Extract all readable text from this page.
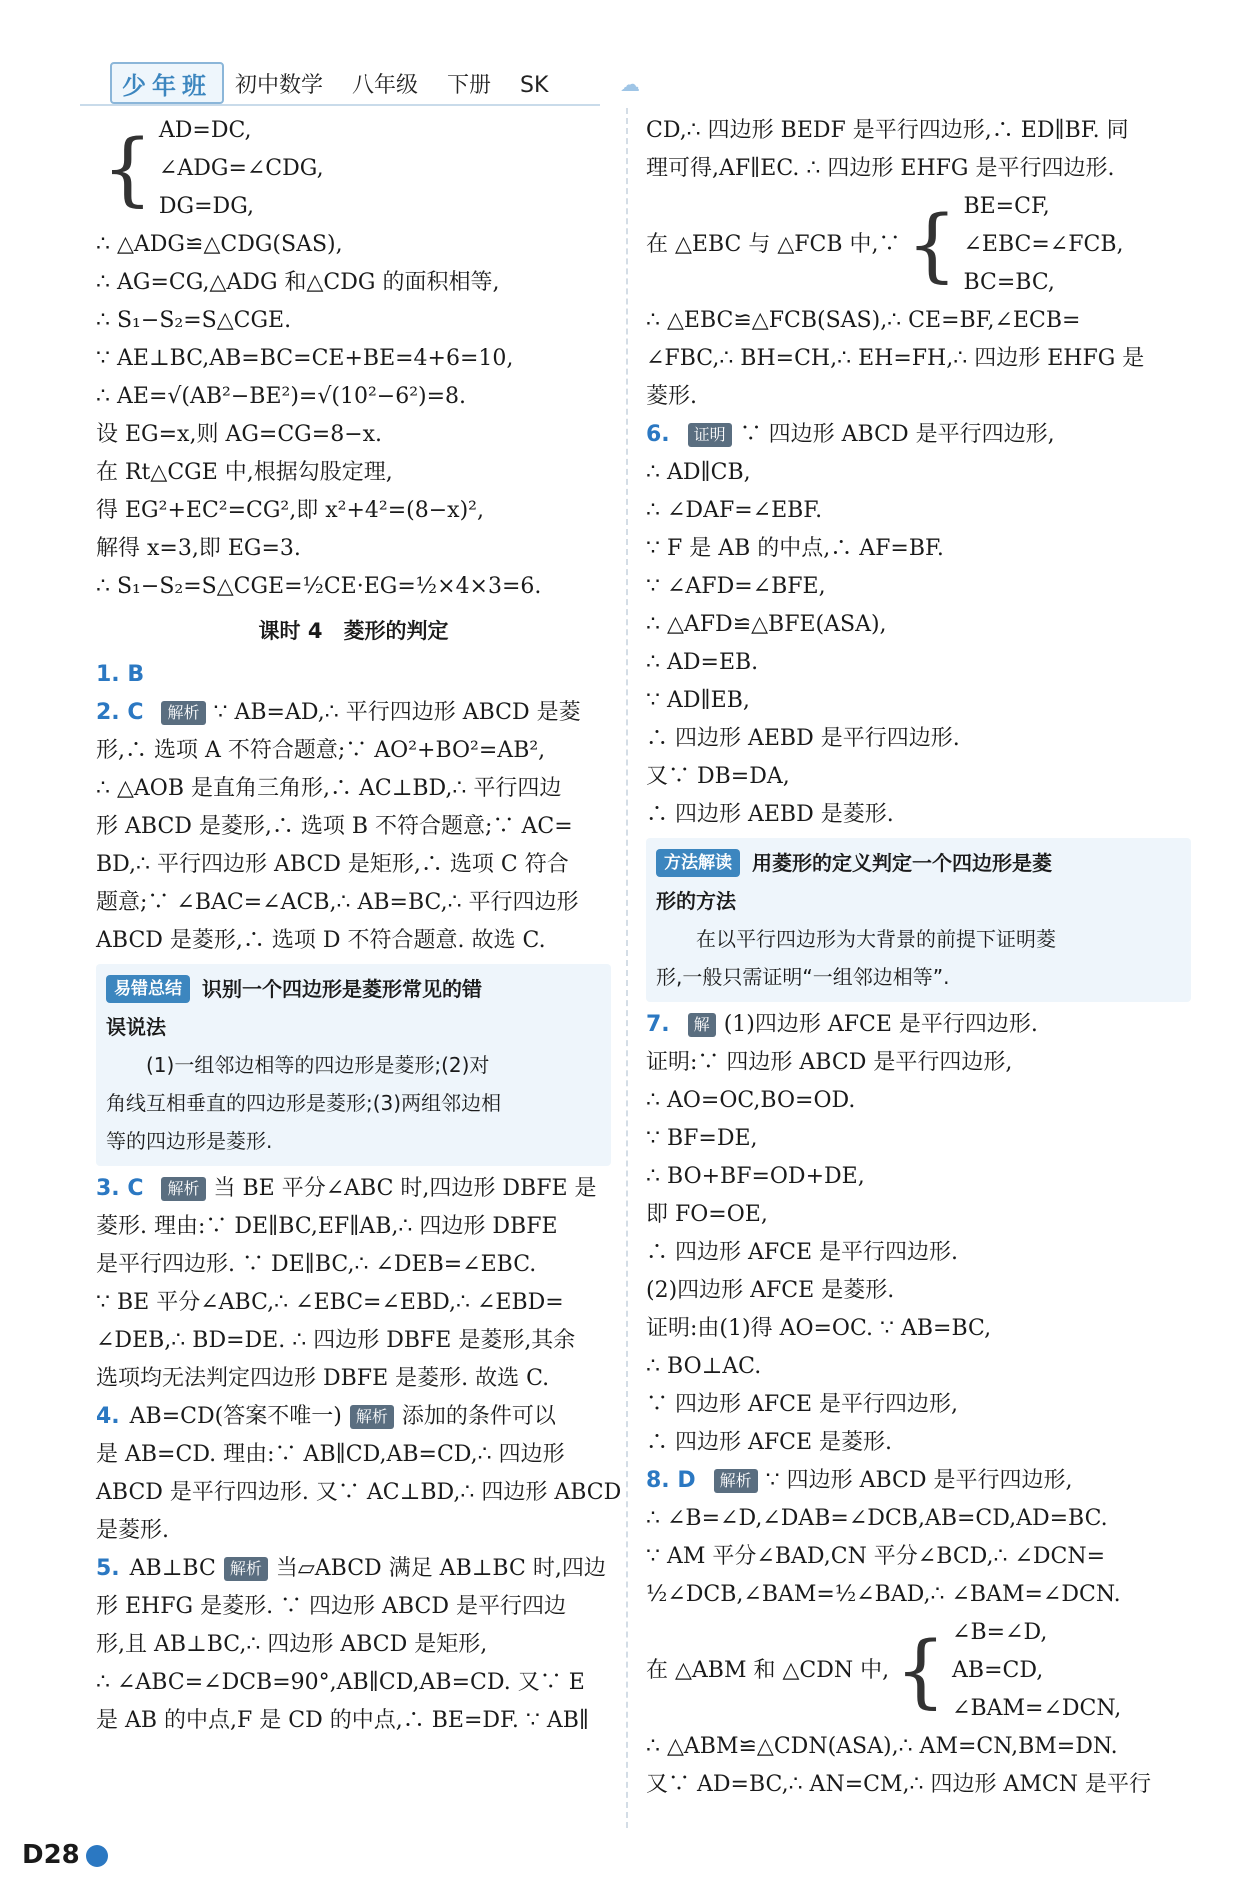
少年班	初中数学 八年级 下册 SK	☁
{ AD=DC,
∠ADG=∠CDG,
DG=DG,
∴ △ADG≌△CDG(SAS),
∴ AG=CG,△ADG 和△CDG 的面积相等,
∴ S₁−S₂=S△CGE.
∵ AE⊥BC,AB=BC=CE+BE=4+6=10,
∴ AE=√(AB²−BE²)=√(10²−6²)=8.
设 EG=x,则 AG=CG=8−x.
在 Rt△CGE 中,根据勾股定理,
得 EG²+EC²=CG²,即 x²+4²=(8−x)²,
解得 x=3,即 EG=3.
∴ S₁−S₂=S△CGE=½CE·EG=½×4×3=6.
课时 4　菱形的判定
1. B
2. C 解析 ∵ AB=AD,∴ 平行四边形 ABCD 是菱
形,∴ 选项 A 不符合题意;∵ AO²+BO²=AB²,
∴ △AOB 是直角三角形,∴ AC⊥BD,∴ 平行四边
形 ABCD 是菱形,∴ 选项 B 不符合题意;∵ AC=
BD,∴ 平行四边形 ABCD 是矩形,∴ 选项 C 符合
题意;∵ ∠BAC=∠ACB,∴ AB=BC,∴ 平行四边形
ABCD 是菱形,∴ 选项 D 不符合题意. 故选 C.
易错总结	识别一个四边形是菱形常见的错
误说法
(1)一组邻边相等的四边形是菱形;(2)对
角线互相垂直的四边形是菱形;(3)两组邻边相
等的四边形是菱形.
3. C 解析 当 BE 平分∠ABC 时,四边形 DBFE 是
菱形. 理由:∵ DE∥BC,EF∥AB,∴ 四边形 DBFE
是平行四边形. ∵ DE∥BC,∴ ∠DEB=∠EBC.
∵ BE 平分∠ABC,∴ ∠EBC=∠EBD,∴ ∠EBD=
∠DEB,∴ BD=DE. ∴ 四边形 DBFE 是菱形,其余
选项均无法判定四边形 DBFE 是菱形. 故选 C.
4. AB=CD(答案不唯一) 解析 添加的条件可以
是 AB=CD. 理由:∵ AB∥CD,AB=CD,∴ 四边形
ABCD 是平行四边形. 又∵ AC⊥BD,∴ 四边形 ABCD
是菱形.
5. AB⊥BC 解析 当▱ABCD 满足 AB⊥BC 时,四边
形 EHFG 是菱形. ∵ 四边形 ABCD 是平行四边
形,且 AB⊥BC,∴ 四边形 ABCD 是矩形,
∴ ∠ABC=∠DCB=90°,AB∥CD,AB=CD. 又∵ E
是 AB 的中点,F 是 CD 的中点,∴ BE=DF. ∵ AB∥
CD,∴ 四边形 BEDF 是平行四边形,∴ ED∥BF. 同
理可得,AF∥EC. ∴ 四边形 EHFG 是平行四边形.
在 △EBC 与 △FCB 中,∵ { BE=CF,
∠EBC=∠FCB,
BC=BC,
∴ △EBC≌△FCB(SAS),∴ CE=BF,∠ECB=
∠FBC,∴ BH=CH,∴ EH=FH,∴ 四边形 EHFG 是
菱形.
6. 证明 ∵ 四边形 ABCD 是平行四边形,
∴ AD∥CB,
∴ ∠DAF=∠EBF.
∵ F 是 AB 的中点,∴ AF=BF.
∵ ∠AFD=∠BFE,
∴ △AFD≌△BFE(ASA),
∴ AD=EB.
∵ AD∥EB,
∴ 四边形 AEBD 是平行四边形.
又∵ DB=DA,
∴ 四边形 AEBD 是菱形.
方法解读	用菱形的定义判定一个四边形是菱
形的方法
在以平行四边形为大背景的前提下证明菱
形,一般只需证明“一组邻边相等”.
7. 解 (1)四边形 AFCE 是平行四边形.
证明:∵ 四边形 ABCD 是平行四边形,
∴ AO=OC,BO=OD.
∵ BF=DE,
∴ BO+BF=OD+DE,
即 FO=OE,
∴ 四边形 AFCE 是平行四边形.
(2)四边形 AFCE 是菱形.
证明:由(1)得 AO=OC. ∵ AB=BC,
∴ BO⊥AC.
∵ 四边形 AFCE 是平行四边形,
∴ 四边形 AFCE 是菱形.
8. D 解析 ∵ 四边形 ABCD 是平行四边形,
∴ ∠B=∠D,∠DAB=∠DCB,AB=CD,AD=BC.
∵ AM 平分∠BAD,CN 平分∠BCD,∴ ∠DCN=
½∠DCB,∠BAM=½∠BAD,∴ ∠BAM=∠DCN.
在 △ABM 和 △CDN 中, { ∠B=∠D,
AB=CD,
∠BAM=∠DCN,
∴ △ABM≌△CDN(ASA),∴ AM=CN,BM=DN.
又∵ AD=BC,∴ AN=CM,∴ 四边形 AMCN 是平行
D28
